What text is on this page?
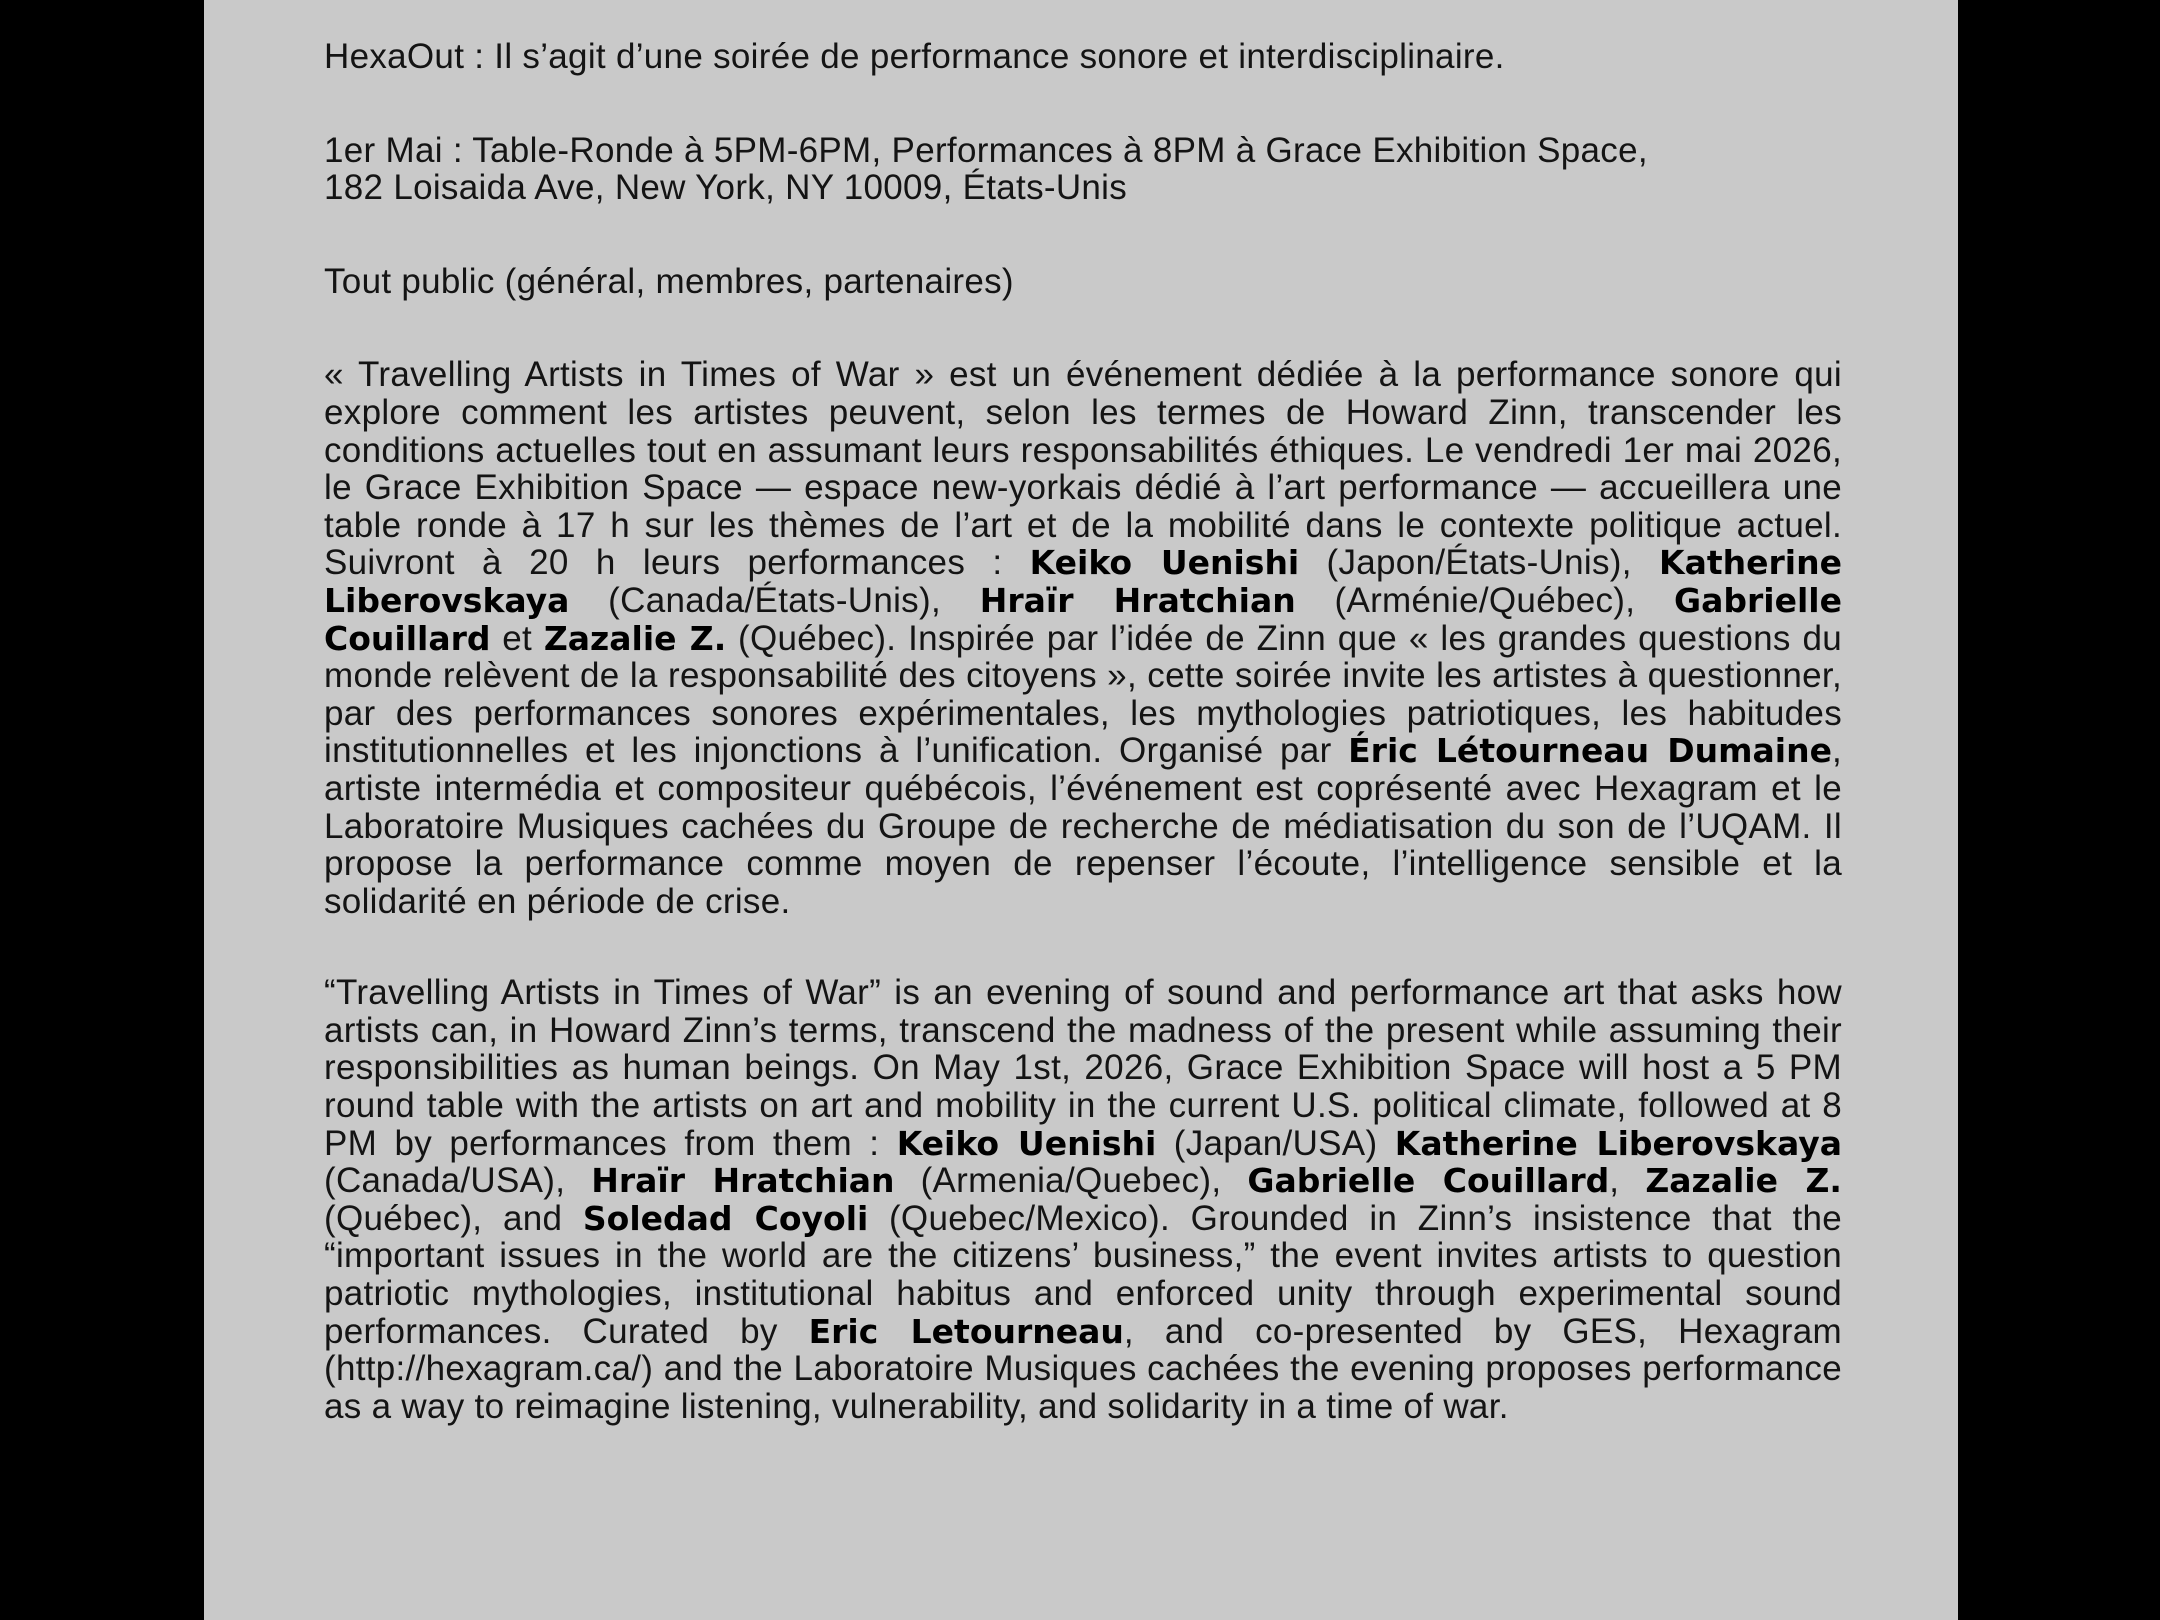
HexaOut : Il s’agit d’une soirée de performance sonore et interdisciplinaire.

1er Mai : Table-Ronde à 5PM-6PM, Performances à 8PM à Grace Exhibition Space,
182 Loisaida Ave, New York, NY 10009, États-Unis

Tout public (général, membres, partenaires)

« Travelling Artists in Times of War » est un événement dédiée à la performance sonore qui explore comment les artistes peuvent, selon les termes de Howard Zinn, transcender les conditions actuelles tout en assumant leurs responsabilités éthiques. Le vendredi 1er mai 2026, le Grace Exhibition Space — espace new-yorkais dédié à l’art performance — accueillera une table ronde à 17 h sur les thèmes de l’art et de la mobilité dans le contexte politique actuel. Suivront à 20 h leurs performances : Keiko Uenishi (Japon/États-Unis), Katherine Liberovskaya (Canada/États-Unis), Hraïr Hratchian (Arménie/Québec), Gabrielle Couillard et Zazalie Z. (Québec). Inspirée par l’idée de Zinn que « les grandes questions du monde relèvent de la responsabilité des citoyens », cette soirée invite les artistes à questionner, par des performances sonores expérimentales, les mythologies patriotiques, les habitudes institutionnelles et les injonctions à l’unification. Organisé par Éric Létourneau Dumaine, artiste intermédia et compositeur québécois, l’événement est coprésenté avec Hexagram et le Laboratoire Musiques cachées du Groupe de recherche de médiatisation du son de l’UQAM. Il propose la performance comme moyen de repenser l’écoute, l’intelligence sensible et la solidarité en période de crise.

“Travelling Artists in Times of War” is an evening of sound and performance art that asks how artists can, in Howard Zinn’s terms, transcend the madness of the present while assuming their responsibilities as human beings. On May 1st, 2026, Grace Exhibition Space will host a 5 PM round table with the artists on art and mobility in the current U.S. political climate, followed at 8 PM by performances from them : Keiko Uenishi (Japan/USA) Katherine Liberovskaya (Canada/USA), Hraïr Hratchian (Armenia/Quebec), Gabrielle Couillard, Zazalie Z. (Québec), and Soledad Coyoli (Quebec/Mexico). Grounded in Zinn’s insistence that the “important issues in the world are the citizens’ business,” the event invites artists to question patriotic mythologies, institutional habitus and enforced unity through experimental sound performances. Curated by Eric Letourneau, and co-presented by GES, Hexagram (http://hexagram.ca/) and the Laboratoire Musiques cachées the evening proposes performance as a way to reimagine listening, vulnerability, and solidarity in a time of war.
